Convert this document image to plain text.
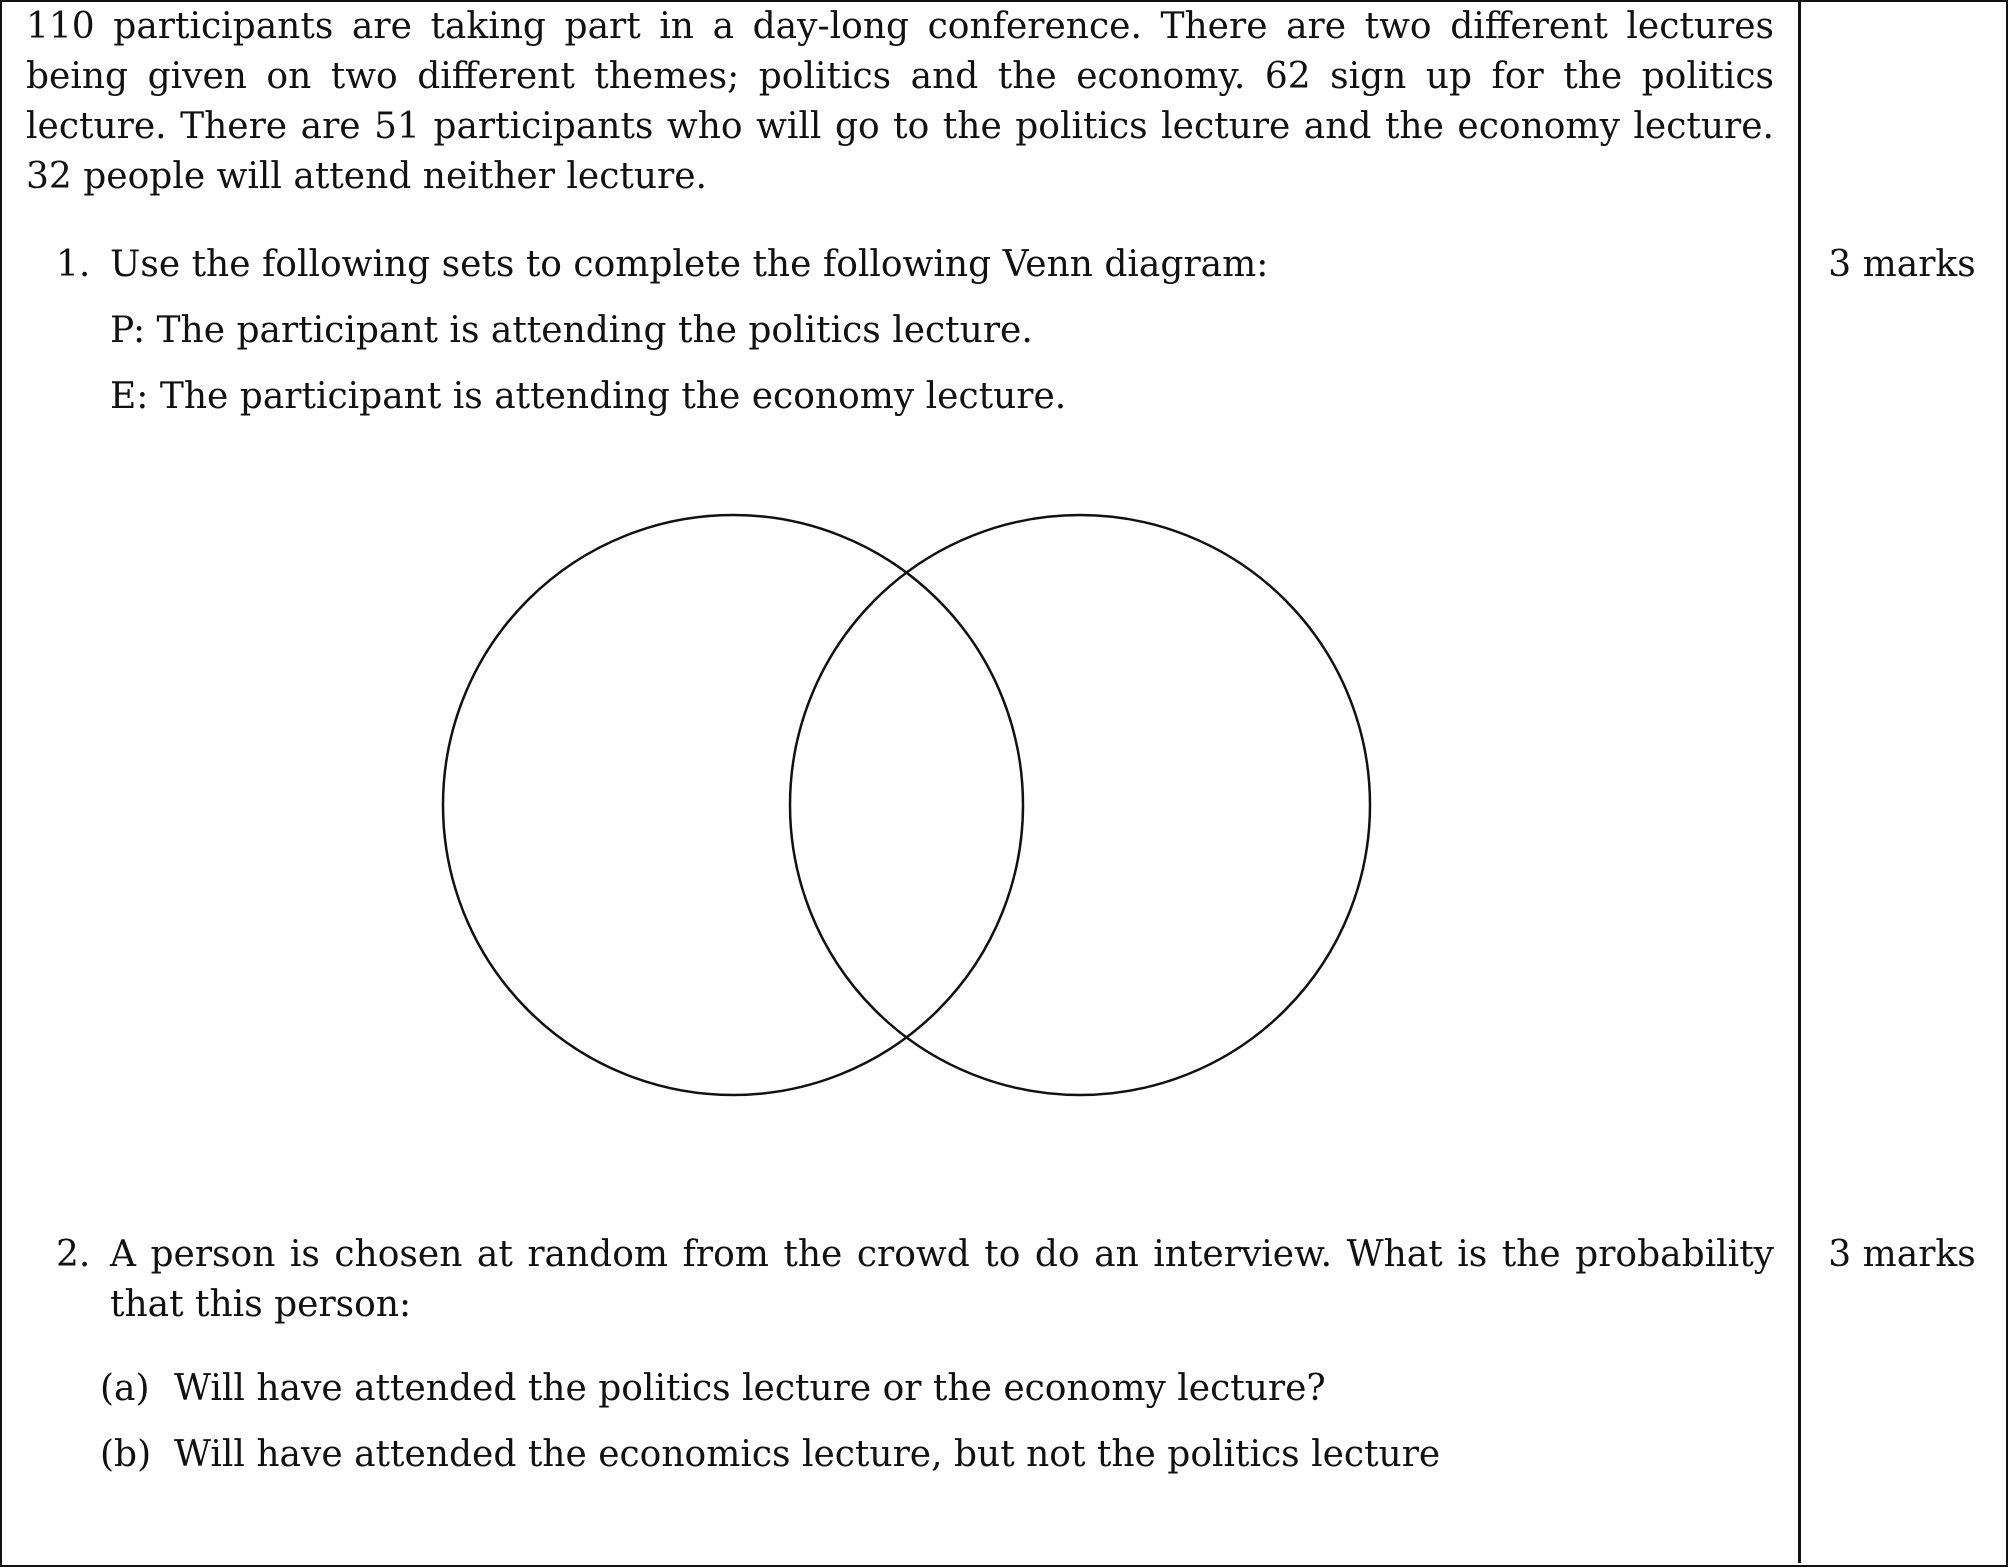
110 participants are taking part in a day-long conference. There are two different lectures being given on two different themes; politics and the economy. 62 sign up for the politics lecture. There are 51 participants who will go to the politics lecture and the economy lecture. 32 people will attend neither lecture.
1. Use the following sets to complete the following Venn diagram:
P: The participant is attending the politics lecture.
E: The participant is attending the economy lecture.
3 marks
2. A person is chosen at random from the crowd to do an interview. What is the probability that this person:
3 marks
(a) Will have attended the politics lecture or the economy lecture?
(b) Will have attended the economics lecture, but not the politics lecture
